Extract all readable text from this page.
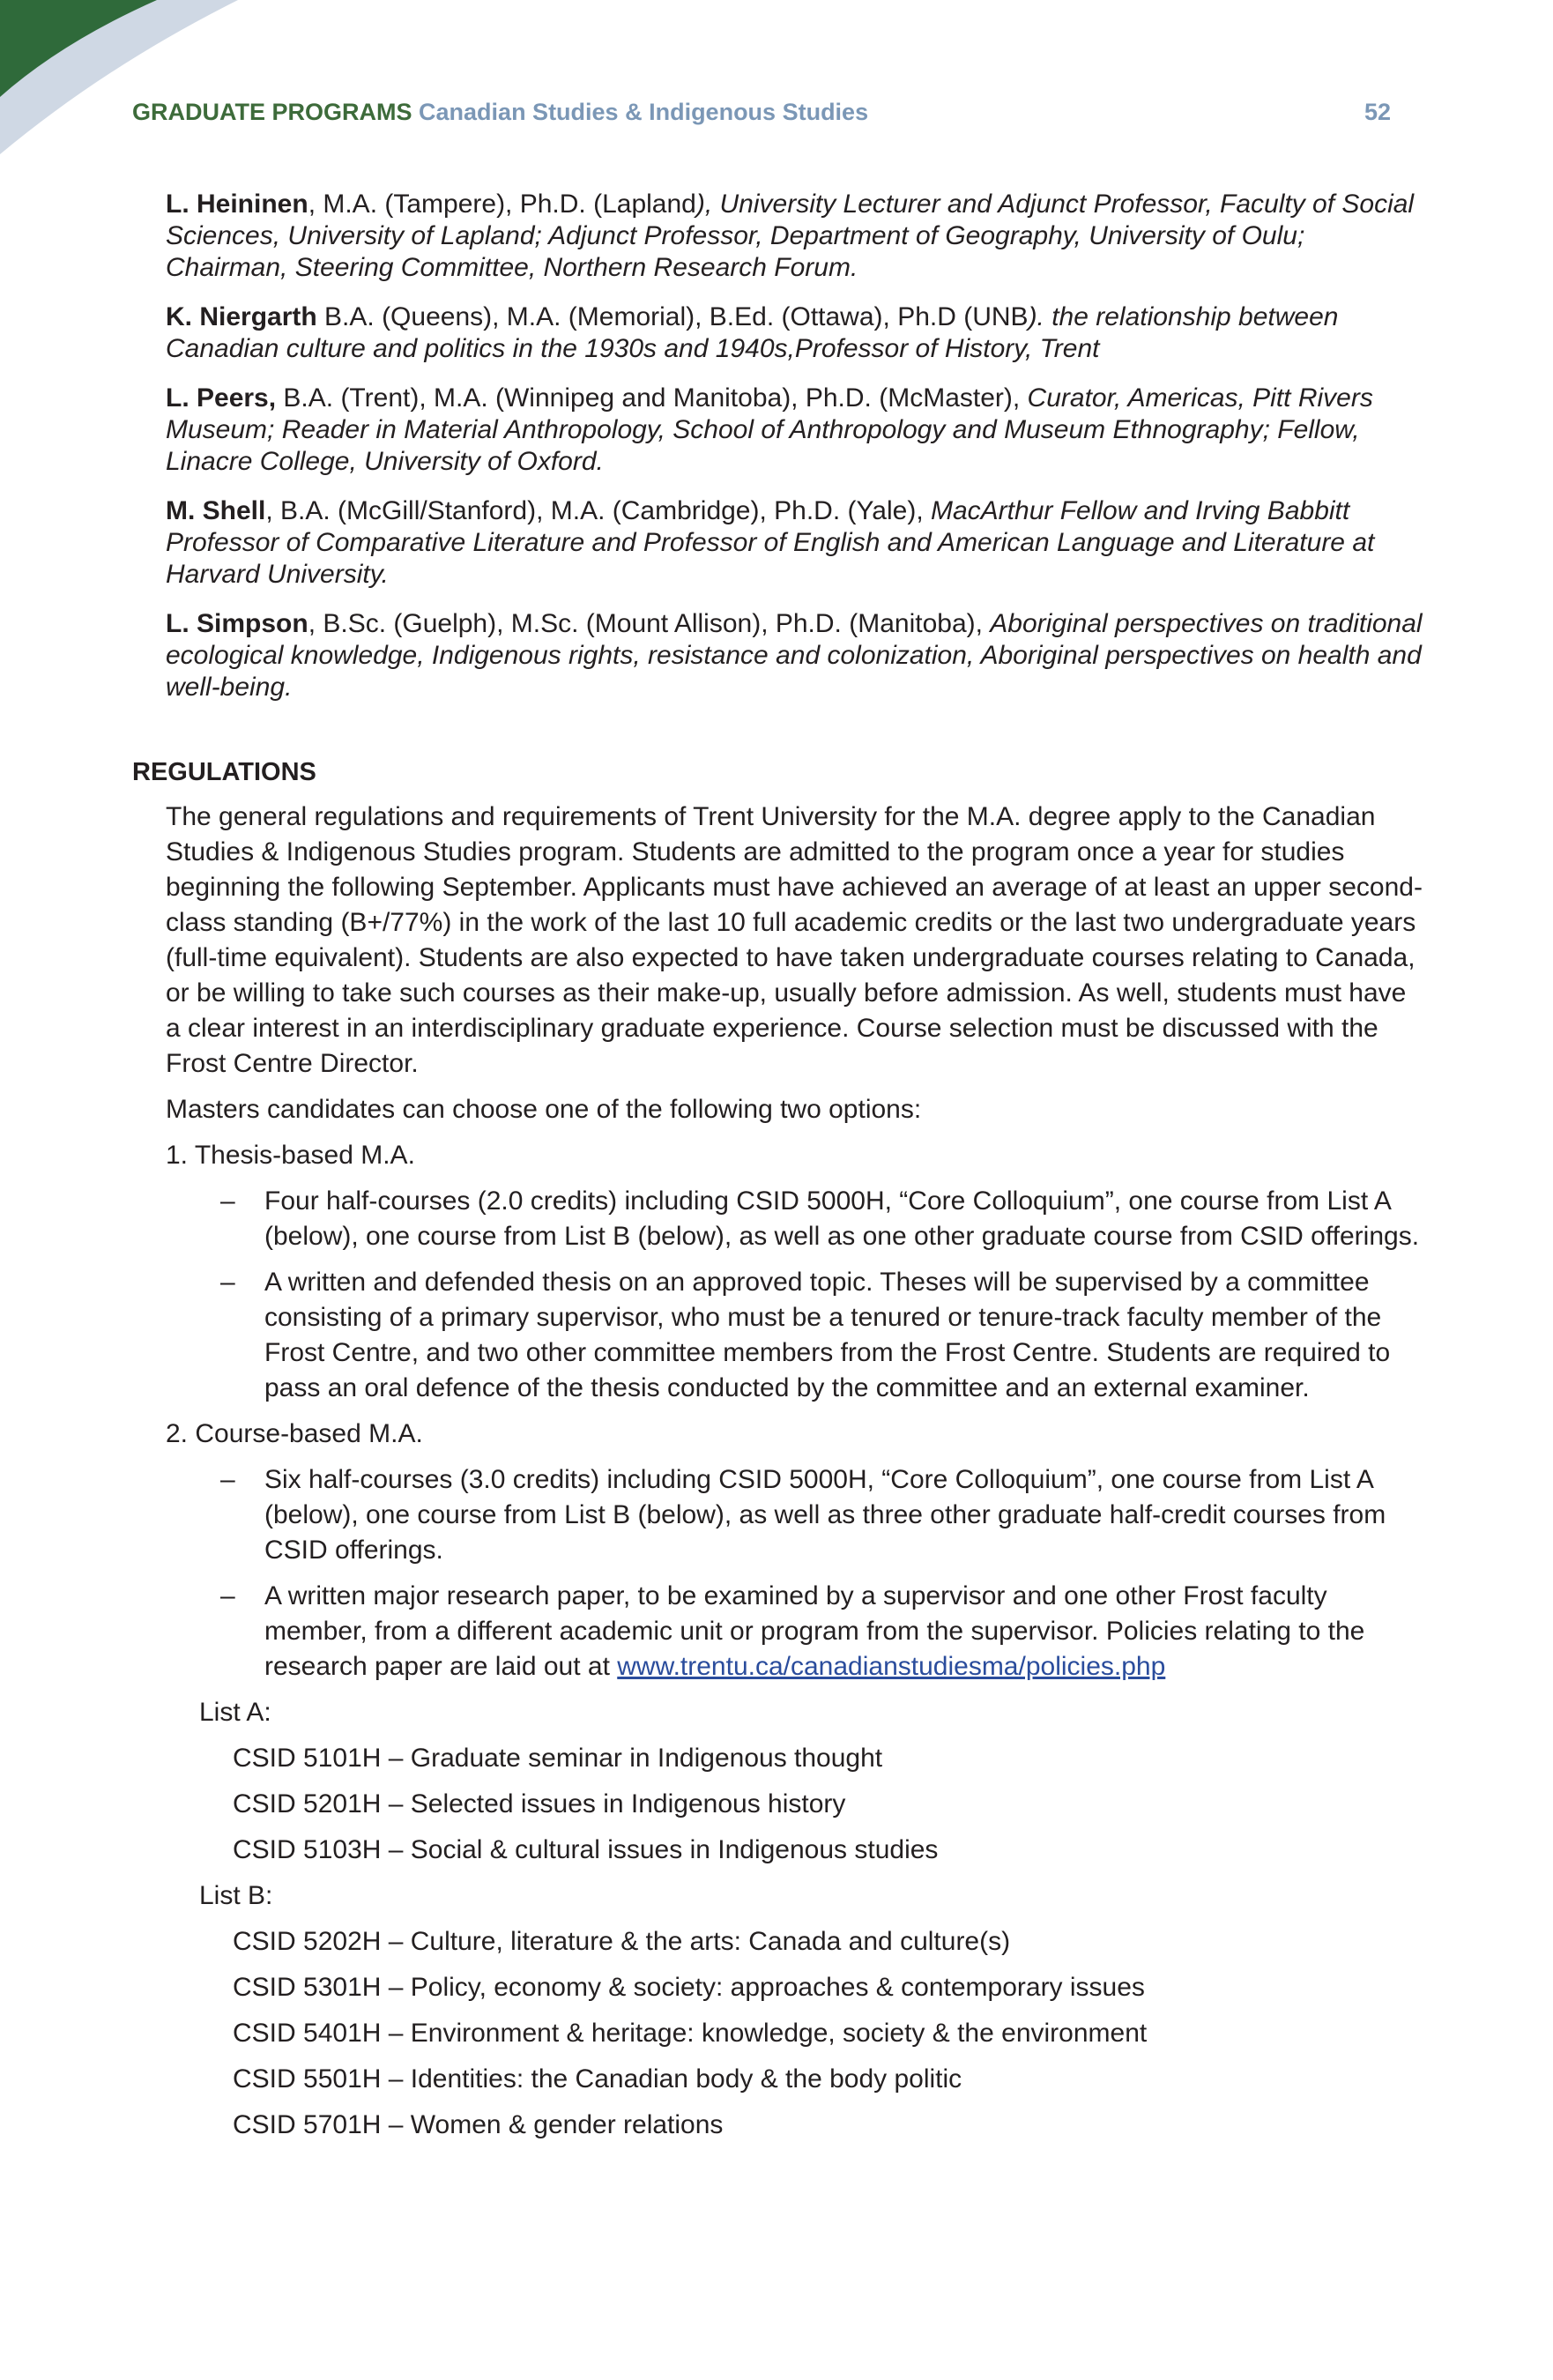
GRADUATE PROGRAMS Canadian Studies & Indigenous Studies	52

L. Heininen, M.A. (Tampere), Ph.D. (Lapland), University Lecturer and Adjunct Professor, Faculty of Social Sciences, University of Lapland; Adjunct Professor, Department of Geography, University of Oulu; Chairman, Steering Committee, Northern Research Forum.

K. Niergarth B.A. (Queens), M.A. (Memorial), B.Ed. (Ottawa), Ph.D (UNB). the relationship between Canadian culture and politics in the 1930s and 1940s,Professor of History, Trent

L. Peers, B.A. (Trent), M.A. (Winnipeg and Manitoba), Ph.D. (McMaster), Curator, Americas, Pitt Rivers Museum; Reader in Material Anthropology, School of Anthropology and Museum Ethnography; Fellow, Linacre College, University of Oxford.

M. Shell, B.A. (McGill/Stanford), M.A. (Cambridge), Ph.D. (Yale), MacArthur Fellow and Irving Babbitt Professor of Comparative Literature and Professor of English and American Language and Literature at Harvard University.

L. Simpson, B.Sc. (Guelph), M.Sc. (Mount Allison), Ph.D. (Manitoba), Aboriginal perspectives on traditional ecological knowledge, Indigenous rights, resistance and colonization, Aboriginal perspectives on health and well-being.

REGULATIONS

The general regulations and requirements of Trent University for the M.A. degree apply to the Canadian Studies & Indigenous Studies program. Students are admitted to the program once a year for studies beginning the following September. Applicants must have achieved an average of at least an upper second-class standing (B+/77%) in the work of the last 10 full academic credits or the last two undergraduate years (full-time equivalent). Students are also expected to have taken undergraduate courses relating to Canada, or be willing to take such courses as their make-up, usually before admission. As well, students must have a clear interest in an interdisciplinary graduate experience. Course selection must be discussed with the Frost Centre Director.

Masters candidates can choose one of the following two options:

1. Thesis-based M.A.
–	Four half-courses (2.0 credits) including CSID 5000H, “Core Colloquium”, one course from List A (below), one course from List B (below), as well as one other graduate course from CSID offerings.
–	A written and defended thesis on an approved topic. Theses will be supervised by a committee consisting of a primary supervisor, who must be a tenured or tenure-track faculty member of the Frost Centre, and two other committee members from the Frost Centre. Students are required to pass an oral defence of the thesis conducted by the committee and an external examiner.
2. Course-based M.A.
–	Six half-courses (3.0 credits) including CSID 5000H, “Core Colloquium”, one course from List A (below), one course from List B (below), as well as three other graduate half-credit courses from CSID offerings.
–	A written major research paper, to be examined by a supervisor and one other Frost faculty member, from a different academic unit or program from the supervisor. Policies relating to the research paper are laid out at www.trentu.ca/canadianstudiesma/policies.php
List A:
CSID 5101H – Graduate seminar in Indigenous thought
CSID 5201H – Selected issues in Indigenous history
CSID 5103H – Social & cultural issues in Indigenous studies
List B:
CSID 5202H – Culture, literature & the arts: Canada and culture(s)
CSID 5301H – Policy, economy & society: approaches & contemporary issues
CSID 5401H – Environment & heritage: knowledge, society & the environment
CSID 5501H – Identities: the Canadian body & the body politic
CSID 5701H – Women & gender relations
